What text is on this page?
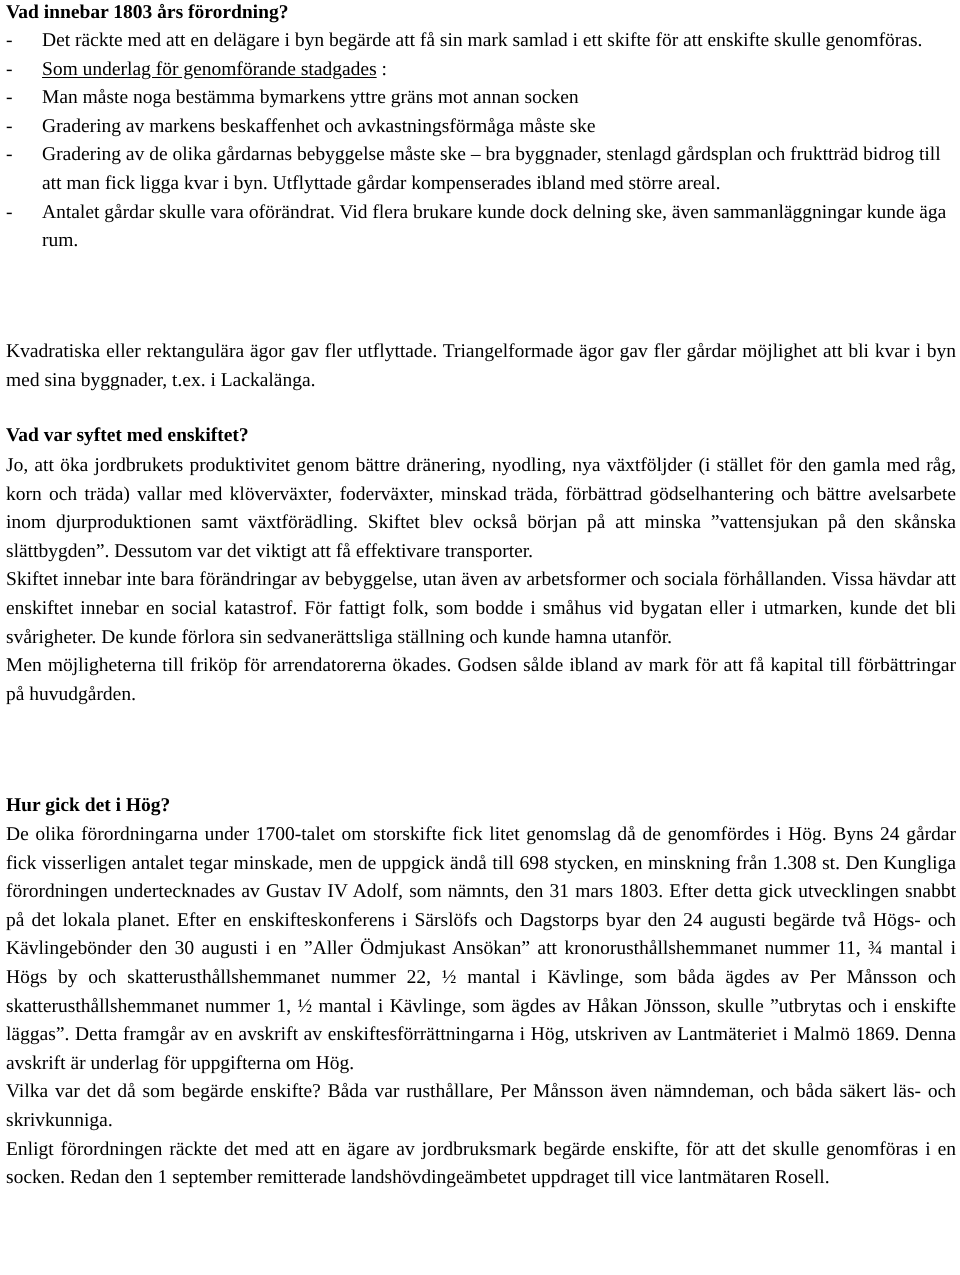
Vad innebar 1803 års förordning?
- Det räckte med att en delägare i byn begärde att få sin mark samlad i ett skifte för att enskifte skulle genomföras.
- Som underlag för genomförande stadgades :
- Man måste noga bestämma bymarkens yttre gräns mot annan socken
- Gradering av markens beskaffenhet och avkastningsförmåga måste ske
- Gradering av de olika gårdarnas bebyggelse måste ske – bra byggnader, stenlagd gårdsplan och fruktträd bidrog till att man fick ligga kvar i byn. Utflyttade gårdar kompenserades ibland med större areal.
- Antalet gårdar skulle vara oförändrat. Vid flera brukare kunde dock delning ske, även sammanläggningar kunde äga rum.

Kvadratiska eller rektangulära ägor gav fler utflyttade. Triangelformade ägor gav fler gårdar möjlighet att bli kvar i byn med sina byggnader, t.ex. i Lackalänga.

Vad var syftet med enskiftet?

Jo, att öka jordbrukets produktivitet genom bättre dränering, nyodling, nya växtföljder (i stället för den gamla med råg, korn och träda) vallar med klöverväxter, foderväxter, minskad träda, förbättrad gödselhantering och bättre avelsarbete inom djurproduktionen samt växtförädling. Skiftet blev också början på att minska ”vattensjukan på den skånska slättbygden”. Dessutom var det viktigt att få effektivare transporter.

Skiftet innebar inte bara förändringar av bebyggelse, utan även av arbetsformer och sociala förhållanden. Vissa hävdar att enskiftet innebar en social katastrof. För fattigt folk, som bodde i småhus vid bygatan eller i utmarken, kunde det bli svårigheter. De kunde förlora sin sedvanerättsliga ställning och kunde hamna utanför.

Men möjligheterna till friköp för arrendatorerna ökades. Godsen sålde ibland av mark för att få kapital till förbättringar på huvudgården.

Hur gick det i Hög?

De olika förordningarna under 1700-talet om storskifte fick litet genomslag då de genomfördes i Hög. Byns 24 gårdar fick visserligen antalet tegar minskade, men de uppgick ändå till 698 stycken, en minskning från 1.308 st. Den Kungliga förordningen undertecknades av Gustav IV Adolf, som nämnts, den 31 mars 1803. Efter detta gick utvecklingen snabbt på det lokala planet. Efter en enskifteskonferens i Särslöfs och Dagstorps byar den 24 augusti begärde två Högs- och Kävlingebönder den 30 augusti i en ”Aller Ödmjukast Ansökan” att kronorusthållshemmanet nummer 11, ¾ mantal i Högs by och skatterusthållshemmanet nummer 22, ½ mantal i Kävlinge, som båda ägdes av Per Månsson och skatterusthållshemmanet nummer 1, ½ mantal i Kävlinge, som ägdes av Håkan Jönsson, skulle ”utbrytas och i enskifte läggas”. Detta framgår av en avskrift av enskiftesförrättningarna i Hög, utskriven av Lantmäteriet i Malmö 1869. Denna avskrift är underlag för uppgifterna om Hög.

Vilka var det då som begärde enskifte? Båda var rusthållare, Per Månsson även nämndeman, och båda säkert läs- och skrivkunniga.

Enligt förordningen räckte det med att en ägare av jordbruksmark begärde enskifte, för att det skulle genomföras i en socken. Redan den 1 september remitterade landshövdingeämbetet uppdraget till vice lantmätaren Rosell.
